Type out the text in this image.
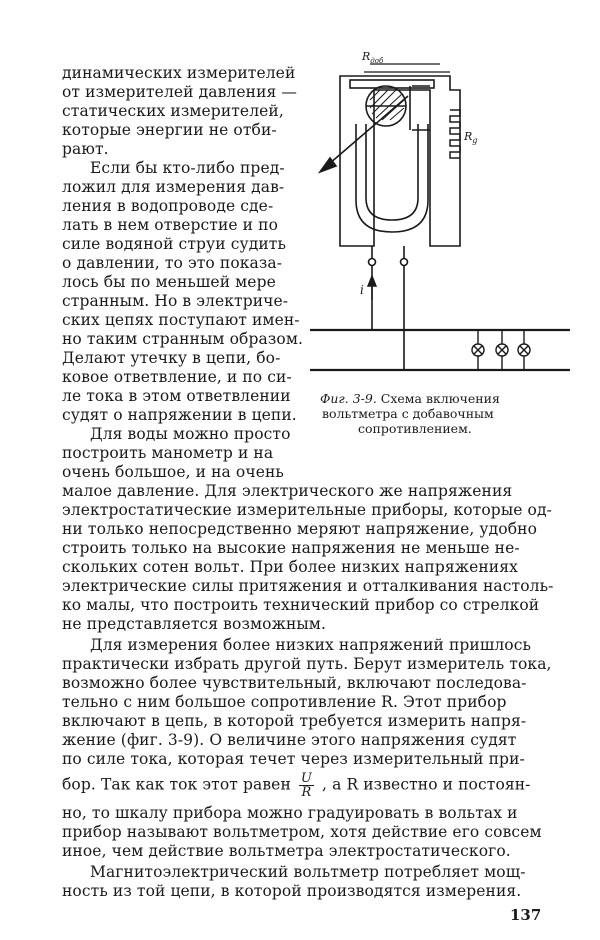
динамических измерителей
от измерителей давления —
статических измерителей,
которые энергии не отби-
рают.
Если бы кто-либо пред-
ложил для измерения дав-
ления в водопроводе сде-
лать в нем отверстие и по
силе водяной струи судить
о давлении, то это показа-
лось бы по меньшей мере
странным. Но в электриче-
ских цепях поступают имен-
но таким странным образом.
Делают утечку в цепи, бо-
ковое ответвление, и по си-
ле тока в этом ответвлении
судят о напряжении в цепи.
Для воды можно просто
построить манометр и на
очень большое, и на очень
$R_{доб}$
$R_g$
i
Фиг. 3-9. Схема включения
вольтметра с добавочным
сопротивлением.
малое давление. Для электрического же напряжения
электростатические измерительные приборы, которые од-
ни только непосредственно меряют напряжение, удобно
строить только на высокие напряжения не меньше не-
скольких сотен вольт. При более низких напряжениях
электрические силы притяжения и отталкивания настоль-
ко малы, что построить технический прибор со стрелкой
не представляется возможным.
Для измерения более низких напряжений пришлось
практически избрать другой путь. Берут измеритель тока,
возможно более чувствительный, включают последова-
тельно с ним большое сопротивление R. Этот прибор
включают в цепь, в которой требуется измерить напря-
жение (фиг. 3-9). О величине этого напряжения судят
по силе тока, которая течет через измерительный при-
бор. Так как ток этот равен $\frac{U}{R}$ , а R известно и постоян-
но, то шкалу прибора можно градуировать в вольтах и
прибор называют вольтметром, хотя действие его совсем
иное, чем действие вольтметра электростатического.
Магнитоэлектрический вольтметр потребляет мощ-
ность из той цепи, в которой производятся измерения.
137
